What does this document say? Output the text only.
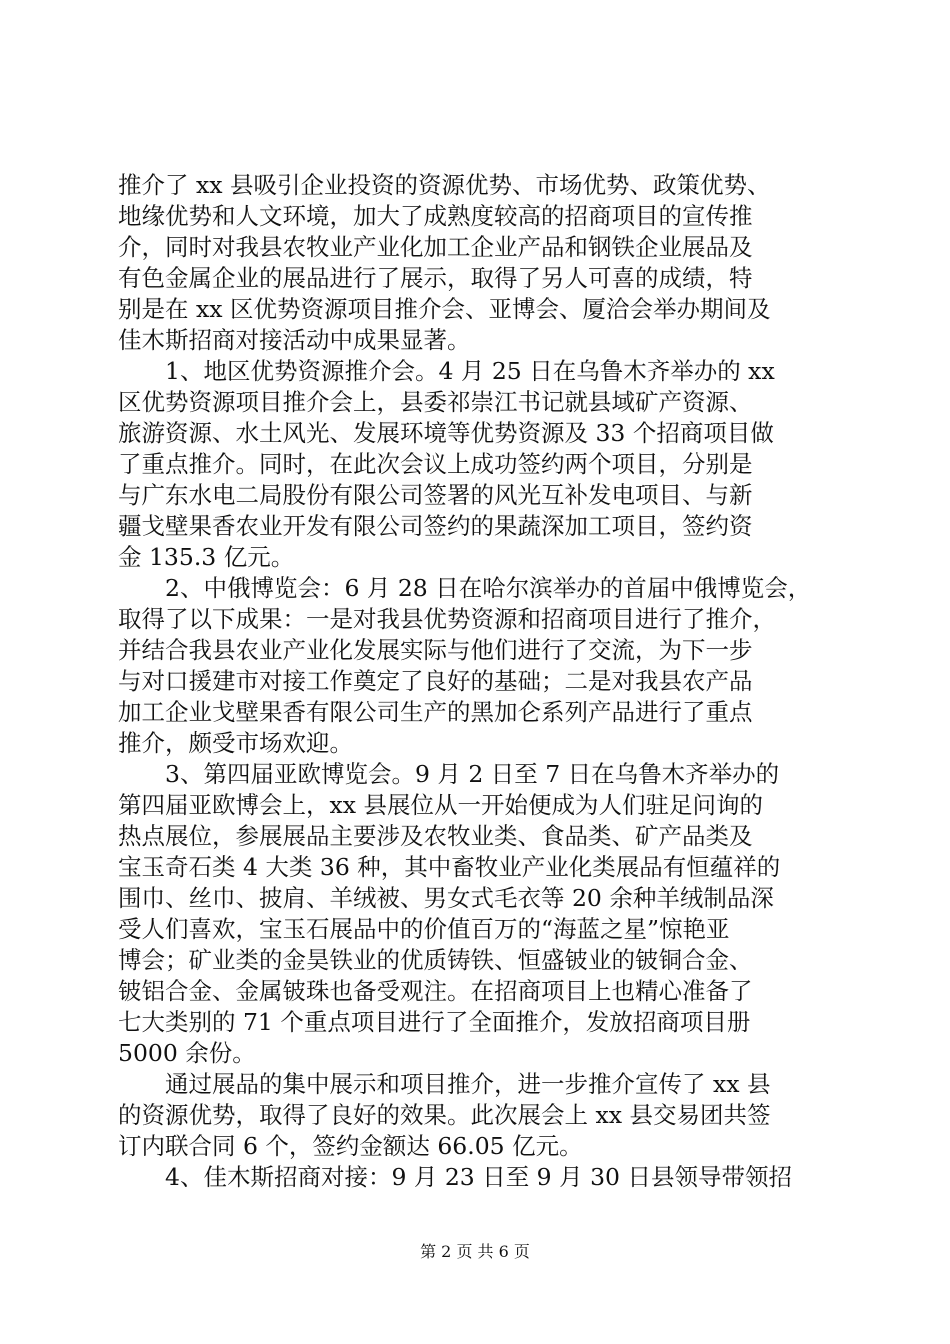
推介了 xx 县吸引企业投资的资源优势、市场优势、政策优势、
地缘优势和人文环境，加大了成熟度较高的招商项目的宣传推
介，同时对我县农牧业产业化加工企业产品和钢铁企业展品及
有色金属企业的展品进行了展示，取得了另人可喜的成绩，特
别是在 xx 区优势资源项目推介会、亚博会、厦洽会举办期间及
佳木斯招商对接活动中成果显著。
1、地区优势资源推介会。4 月 25 日在乌鲁木齐举办的 xx
区优势资源项目推介会上，县委祁崇江书记就县域矿产资源、
旅游资源、水土风光、发展环境等优势资源及 33 个招商项目做
了重点推介。同时，在此次会议上成功签约两个项目，分别是
与广东水电二局股份有限公司签署的风光互补发电项目、与新
疆戈壁果香农业开发有限公司签约的果蔬深加工项目，签约资
金 135.3 亿元。
2、中俄博览会：6 月 28 日在哈尔滨举办的首届中俄博览会，
取得了以下成果：一是对我县优势资源和招商项目进行了推介，
并结合我县农业产业化发展实际与他们进行了交流，为下一步
与对口援建市对接工作奠定了良好的基础；二是对我县农产品
加工企业戈壁果香有限公司生产的黑加仑系列产品进行了重点
推介，颇受市场欢迎。
3、第四届亚欧博览会。9 月 2 日至 7 日在乌鲁木齐举办的
第四届亚欧博会上，xx 县展位从一开始便成为人们驻足问询的
热点展位，参展展品主要涉及农牧业类、食品类、矿产品类及
宝玉奇石类 4 大类 36 种，其中畜牧业产业化类展品有恒蕴祥的
围巾、丝巾、披肩、羊绒被、男女式毛衣等 20 余种羊绒制品深
受人们喜欢，宝玉石展品中的价值百万的“海蓝之星”惊艳亚
博会；矿业类的金昊铁业的优质铸铁、恒盛铍业的铍铜合金、
铍铝合金、金属铍珠也备受观注。在招商项目上也精心准备了
七大类别的 71 个重点项目进行了全面推介，发放招商项目册
5000 余份。
通过展品的集中展示和项目推介，进一步推介宣传了 xx 县
的资源优势，取得了良好的效果。此次展会上 xx 县交易团共签
订内联合同 6 个，签约金额达 66.05 亿元。
4、佳木斯招商对接：9 月 23 日至 9 月 30 日县领导带领招
第 2 页 共 6 页
